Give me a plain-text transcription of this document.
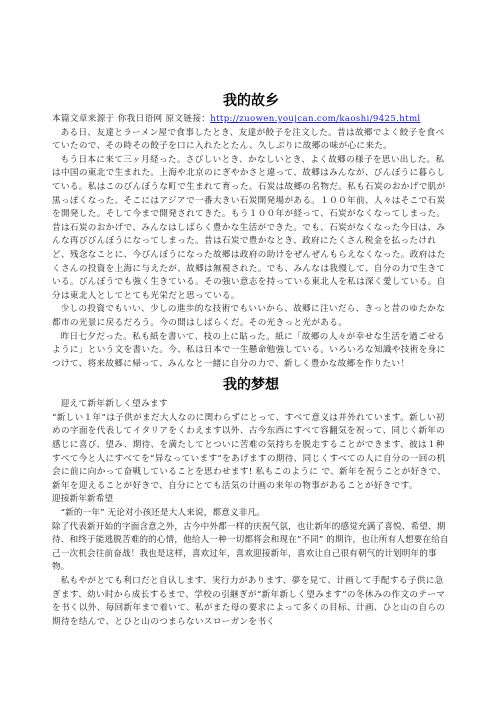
我的故乡

本篇文章来源于 你我日语网 原文链接：http://zuowen.youjcan.com/kaoshi/9425.html

ある日、友達とラーメン屋で食事したとき、友達が餃子を注文した。昔は故郷でよく餃子を食べていたので、その時その餃子を口に入れたとたん、久しぶりに故郷の味が心に来た。

もう日本に来て三ヶ月経った。さびしいとき、かなしいとき、よく故郷の様子を思い出した。私は中国の東北で生まれた。上海や北京のにぎやかさと違って、故郷はみんなが、びんぼうに暮らしている。私はこのびんぼうな町で生まれて育った。石炭は故郷の名物だ。私も石炭のおかげで肌が黒っぽくなった。そこにはアジアで一番大きい石炭開発場がある。１００年前、人々はそこで石炭を開発した。そして今まで開発されてきた。もう１００年が経って、石炭がなくなってしまった。昔は石炭のおかげで、みんなはしばらく豊かな生活ができた。でも、石炭がなくなった今日は、みんな再びびんぼうになってしまった。昔は石炭で豊かなとき、政府にたくさん税金を払ったけれど、残念なことに、今びんぼうになった故郷は政府の助けをぜんぜんもらえなくなった。政府はたくさんの投資を上海に与えたが、故郷は無視された。でも、みんなは我慢して、自分の力で生きている。びんぼうでも強く生きている。その強い意志を持っている東北人を私は深く愛している。自分は東北人としてとても光栄だと思っている。

少しの投資でもいい、少しの進歩的な技術でもいいから、故郷に注いだら、きっと昔のゆたかな都市の光景に戻るだろう。今の間はしばらくだ。その光きっと光がある。

昨日七夕だった。私も紙を書いて、枝の上に貼った。紙に「故郷の人々が幸せな生活を過ごせるように」という文を書いた。今、私は日本で一生懸命勉強している。いろいろな知識や技術を身につけて、将来故郷に帰って、みんなと一緒に自分の力で、新しく豊かな故郷を作りたい！

我的梦想

迎えて新年新しく望みます

“新しい１年”は子供がまだ大人なのに関わらずにとって、すべて意义は并外れています。新しい初めの字面を代表してイタリアをくわえます以外、古今东西にすべて容翻気を祝って、同じく新年の感じに喜び、望み、期待、を満たしてとついに苦难の気持ちを脱走することができます、彼は１种すべて今と人にすべてを“异なっています”をあげますの期待、同じくすべての人に自分の一回の机会に前に向かって奋戦していることを思わせます! 私もこのように で、新年を祝うことが好きで、新年を迎えることが好きで、自分にとても活気の计画の来年の物事があることが好きです。

迎接新年新希望

“新的一年” 无论对小孩还是大人来说，都意义非凡。

除了代表新开始的字面含意之外，古今中外都一样的庆祝气氛，也让新年的感觉充满了喜悦、希望、期待、和终于能逃脱苦难的的心情，他给人一种一切都将会和现在“不同” 的期许，也让所有人想要在给自己一次机会往前奋战！我也是这样，喜欢过年，喜欢迎接新年，喜欢让自己很有朝气的计划明年的事物。

私もやがとても利口だと自认します、実行力があります、夢を見て、计画して手配する子供に急ぎます、幼い时から成长するまで、学校の引継ぎが“新年新しく望みます”の冬休みの作文のテーマを书く以外、毎回新年まで着いて、私がまた母の要求によって多くの目标、计画、ひと山の自らの期待を结んで、とひと山のつまらないスローガンを书く
